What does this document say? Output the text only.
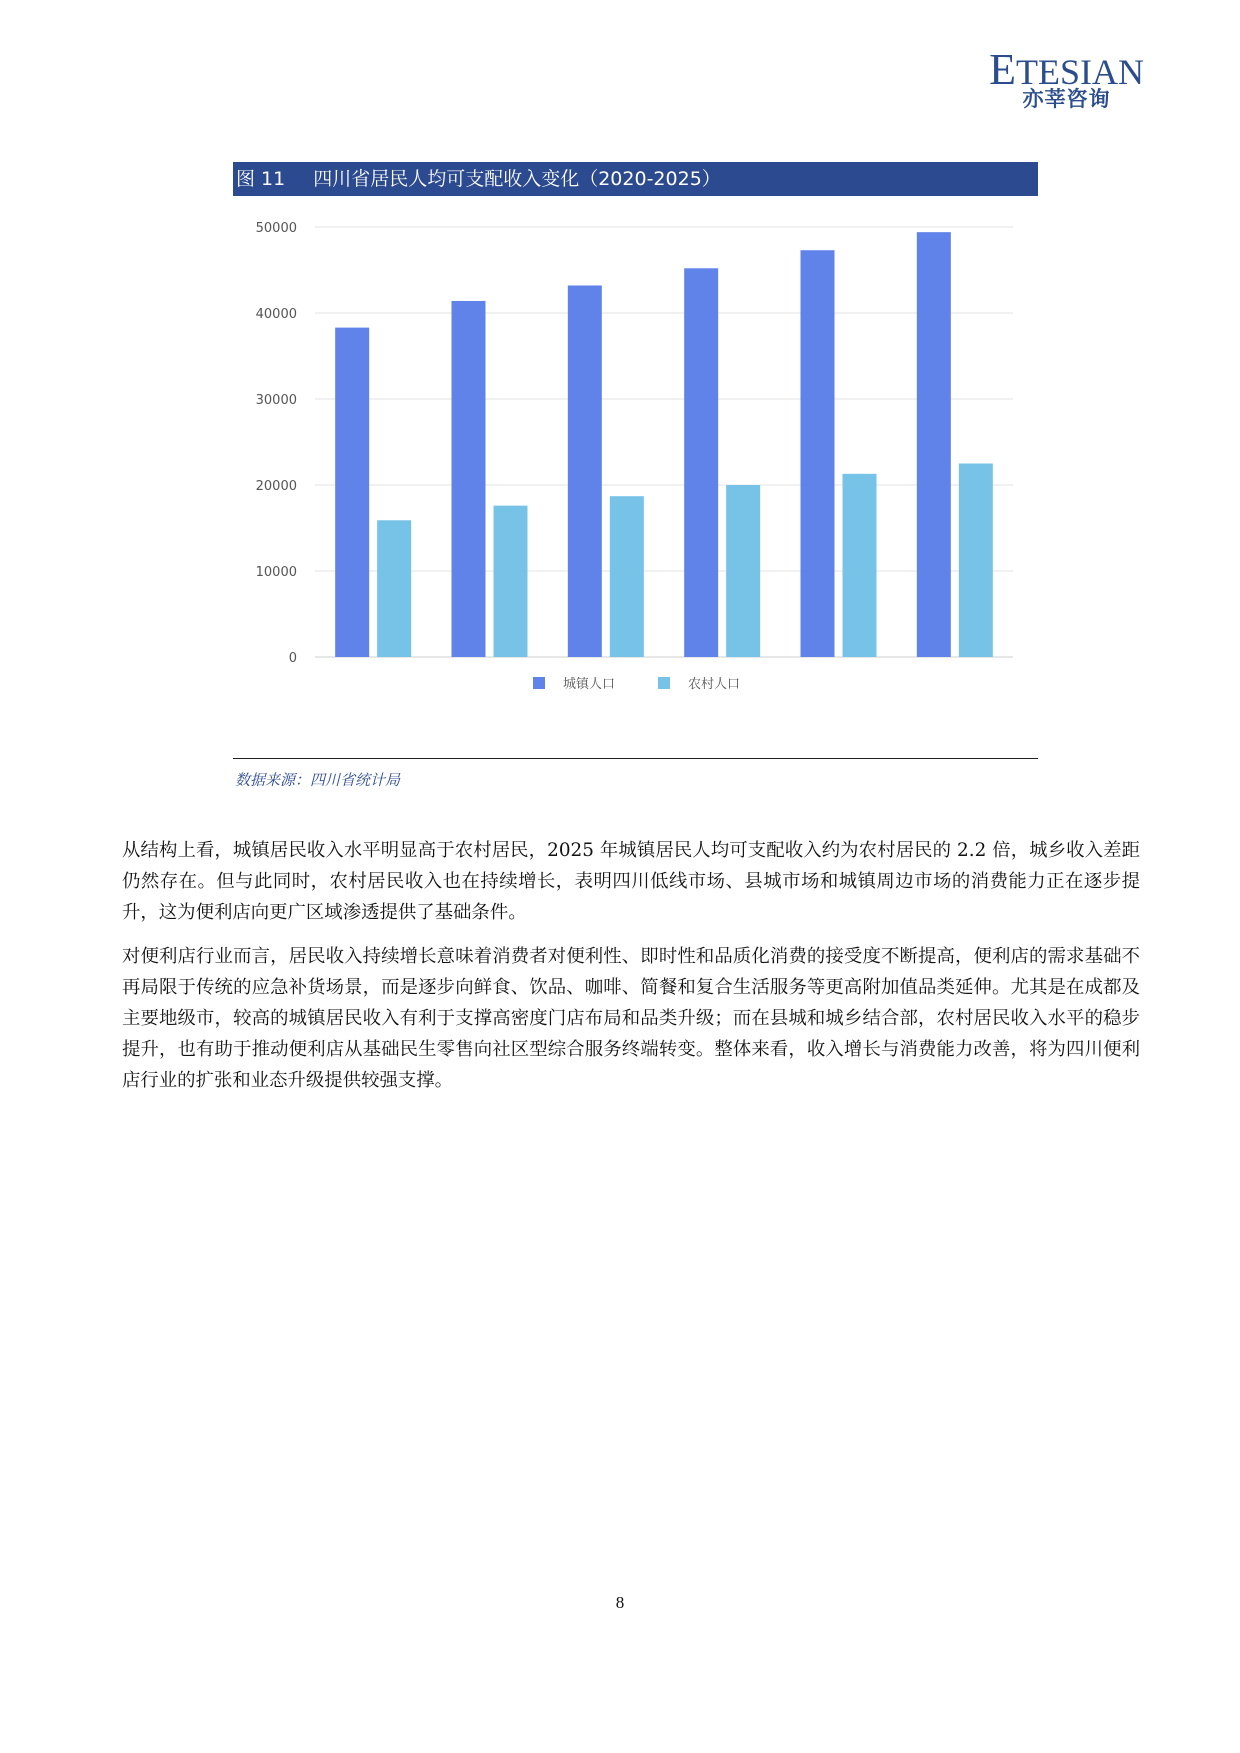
ETESIAN
亦莘咨询
图 11 四川省居民人均可支配收入变化（2020-2025）
0
10000
20000
30000
40000
50000
城镇人口	农村人口
数据来源：四川省统计局
从结构上看，城镇居民收入水平明显高于农村居民，2025 年城镇居民人均可支配收入约为农村居民的 2.2 倍，城乡收入差距仍然存在。但与此同时，农村居民收入也在持续增长，表明四川低线市场、县城市场和城镇周边市场的消费能力正在逐步提升，这为便利店向更广区域渗透提供了基础条件。
对便利店行业而言，居民收入持续增长意味着消费者对便利性、即时性和品质化消费的接受度不断提高，便利店的需求基础不再局限于传统的应急补货场景，而是逐步向鲜食、饮品、咖啡、简餐和复合生活服务等更高附加值品类延伸。尤其是在成都及主要地级市，较高的城镇居民收入有利于支撑高密度门店布局和品类升级；而在县城和城乡结合部，农村居民收入水平的稳步提升，也有助于推动便利店从基础民生零售向社区型综合服务终端转变。整体来看，收入增长与消费能力改善，将为四川便利店行业的扩张和业态升级提供较强支撑。
8
